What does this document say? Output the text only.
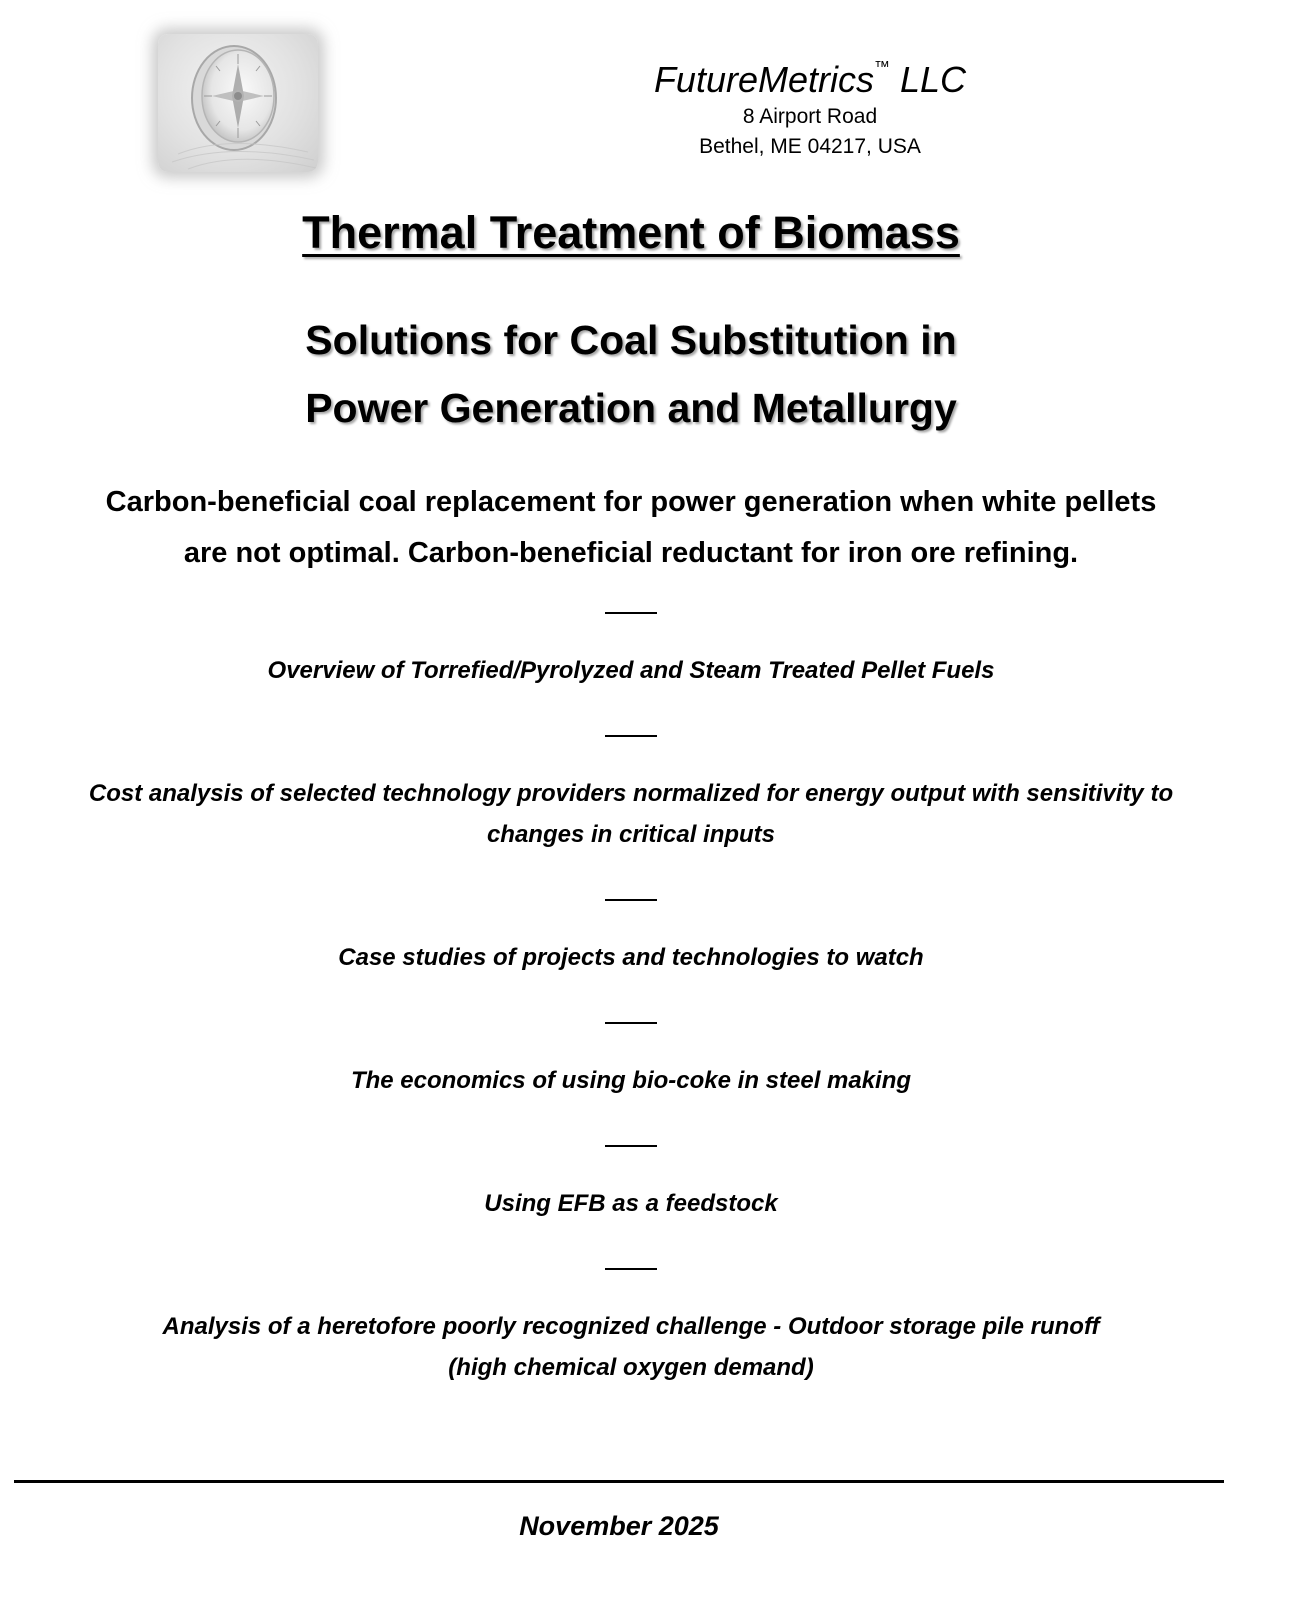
FutureMetrics™ LLC
8 Airport Road
Bethel, ME 04217, USA
Thermal Treatment of Biomass
Solutions for Coal Substitution in
Power Generation and Metallurgy
Carbon-beneficial coal replacement for power generation when white pellets
are not optimal. Carbon-beneficial reductant for iron ore refining.
Overview of Torrefied/Pyrolyzed and Steam Treated Pellet Fuels
Cost analysis of selected technology providers normalized for energy output with sensitivity to
changes in critical inputs
Case studies of projects and technologies to watch
The economics of using bio-coke in steel making
Using EFB as a feedstock
Analysis of a heretofore poorly recognized challenge - Outdoor storage pile runoff
(high chemical oxygen demand)
November 2025
